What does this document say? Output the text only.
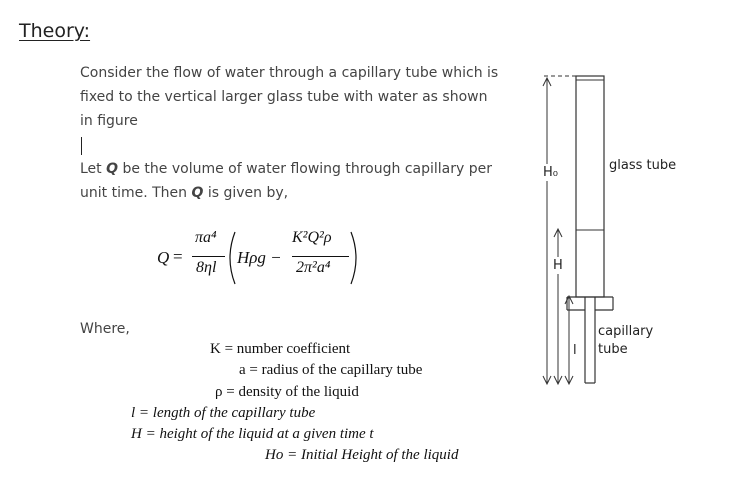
Theory:
Consider the flow of water through a capillary tube which is
fixed to the vertical larger glass tube with water as shown
in figure
Let Q be the volume of water flowing through capillary per
unit time. Then Q is given by,
Q =
πa⁴
8ηl
Hρg −
K²Q²ρ
2π²a⁴
Where,
K = number coefficient
a = radius of the capillary tube
ρ = density of the liquid
l = length of the capillary tube
H = height of the liquid at a given time t
Ho = Initial Height of the liquid
H₀
H
l
glass tube
capillary
tube
